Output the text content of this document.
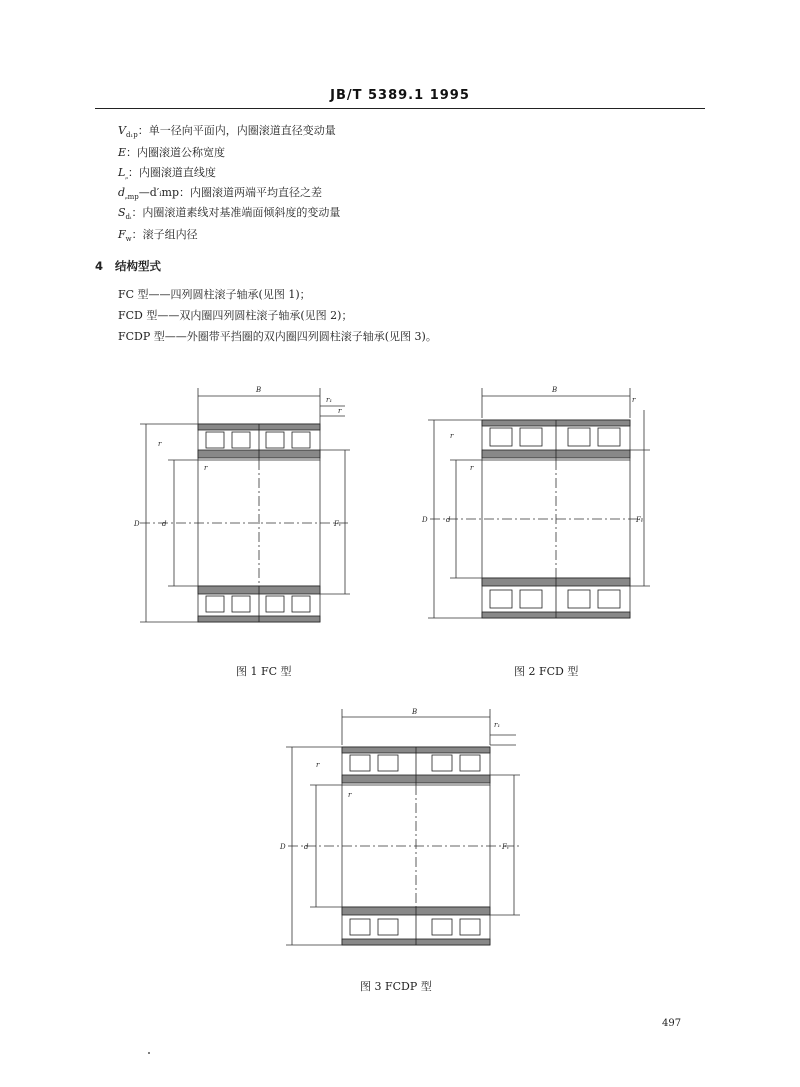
JB/T 5389.1 1995
$V_{d_1p}$：单一径向平面内，内圈滚道直径变动量
E：内圈滚道公称宽度
$L_ᵨ$：内圈滚道直线度
$d_{ᵨmp}—d'ᵢmp$：内圈滚道两端平均直径之差
$S_{dᵢ}$：内圈滚道素线对基准端面倾斜度的变动量
$F_w$：滚子组内径
4 结构型式
FC 型——四列圆柱滚子轴承(见图 1)；
FCD 型——双内圈四列圆柱滚子轴承(见图 2)；
FCDP 型——外圈带平挡圈的双内圈四列圆柱滚子轴承(见图 3)。
B
r₁
r
D	d
r
r
Fᵥ
图 1 FC 型
B
r
D	d
r
r
Fᵥ
图 2 FCD 型
B
r₁
D	d
r
r
Fᵥ
图 3 FCDP 型
497
